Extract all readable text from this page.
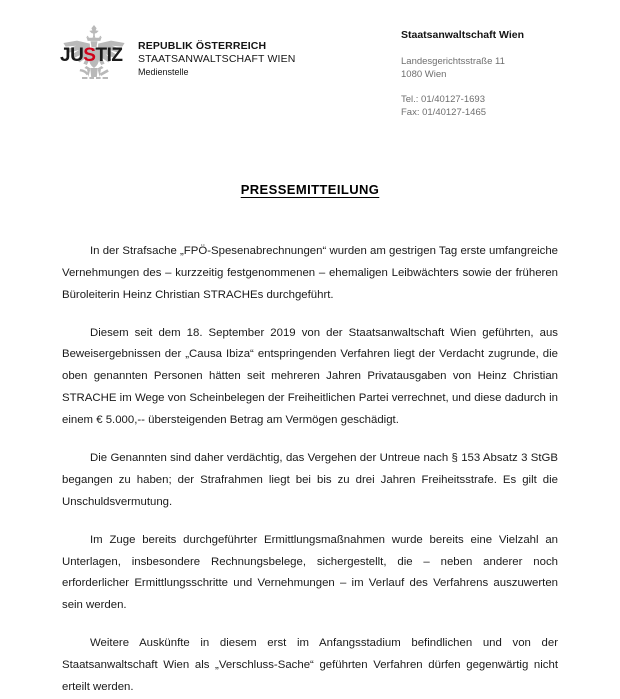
JUSTIZ REPUBLIK ÖSTERREICH
STAATSANWALTSCHAFT WIEN
Medienstelle
Staatsanwaltschaft Wien
Landesgerichtsstraße 11
1080 Wien
Tel.: 01/40127-1693
Fax: 01/40127-1465
PRESSEMITTEILUNG

In der Strafsache „FPÖ-Spesenabrechnungen“ wurden am gestrigen Tag erste umfangreiche Vernehmungen des – kurzzeitig festgenommenen – ehemaligen Leibwächters sowie der früheren Büroleiterin Heinz Christian STRACHEs durchgeführt.

Diesem seit dem 18. September 2019 von der Staatsanwaltschaft Wien geführten, aus Beweisergebnissen der „Causa Ibiza“ entspringenden Verfahren liegt der Verdacht zugrunde, die oben genannten Personen hätten seit mehreren Jahren Privatausgaben von Heinz Christian STRACHE im Wege von Scheinbelegen der Freiheitlichen Partei verrechnet, und diese dadurch in einem € 5.000,-- übersteigenden Betrag am Vermögen geschädigt.

Die Genannten sind daher verdächtig, das Vergehen der Untreue nach § 153 Absatz 3 StGB begangen zu haben; der Strafrahmen liegt bei bis zu drei Jahren Freiheitsstrafe. Es gilt die Unschuldsvermutung.

Im Zuge bereits durchgeführter Ermittlungsmaßnahmen wurde bereits eine Vielzahl an Unterlagen, insbesondere Rechnungsbelege, sichergestellt, die – neben anderer noch erforderlicher Ermittlungsschritte und Vernehmungen – im Verlauf des Verfahrens auszuwerten sein werden.

Weitere Auskünfte in diesem erst im Anfangsstadium befindlichen und von der Staatsanwaltschaft Wien als „Verschluss-Sache“ geführten Verfahren dürfen gegenwärtig nicht erteilt werden.
